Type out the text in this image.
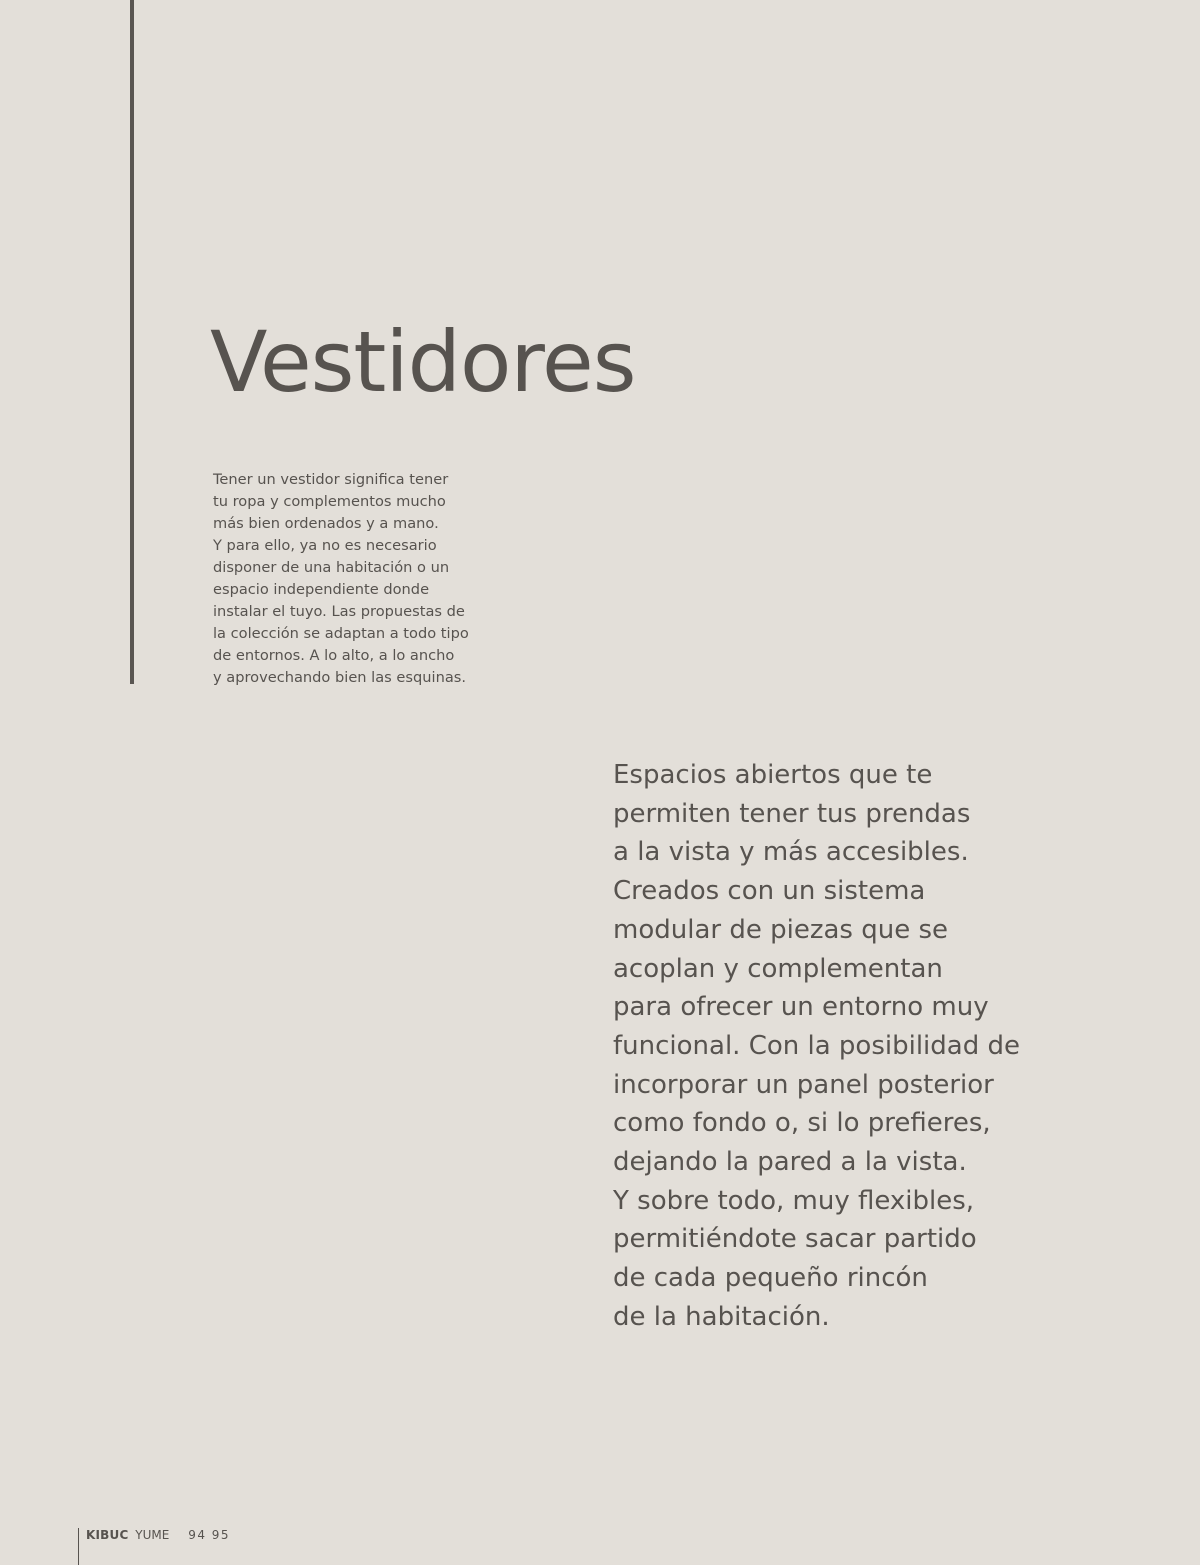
Vestidores

Tener un vestidor significa tener
tu ropa y complementos mucho
más bien ordenados y a mano.
Y para ello, ya no es necesario
disponer de una habitación o un
espacio independiente donde
instalar el tuyo. Las propuestas de
la colección se adaptan a todo tipo
de entornos. A lo alto, a lo ancho
y aprovechando bien las esquinas.

Espacios abiertos que te
permiten tener tus prendas
a la vista y más accesibles.
Creados con un sistema
modular de piezas que se
acoplan y complementan
para ofrecer un entorno muy
funcional. Con la posibilidad de
incorporar un panel posterior
como fondo o, si lo prefieres,
dejando la pared a la vista.
Y sobre todo, muy flexibles,
permitiéndote sacar partido
de cada pequeño rincón
de la habitación.

KIBUC YUME 94 95
